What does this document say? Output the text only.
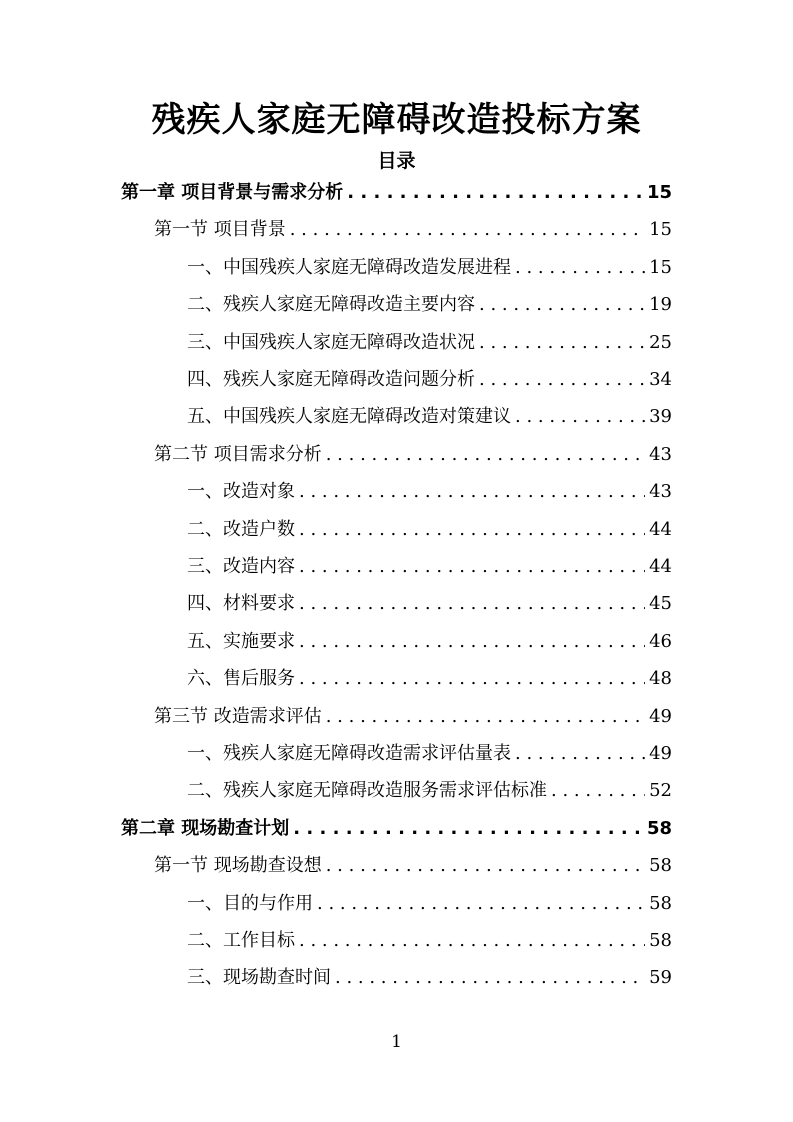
残疾人家庭无障碍改造投标方案
目录
第一章 项目背景与需求分析 . . .	15
第一节 项目背景 . . .	15
一、中国残疾人家庭无障碍改造发展进程 . . .	15
二、残疾人家庭无障碍改造主要内容 . . .	19
三、中国残疾人家庭无障碍改造状况 . . .	25
四、残疾人家庭无障碍改造问题分析 . . .	34
五、中国残疾人家庭无障碍改造对策建议 . . .	39
第二节 项目需求分析 . . .	43
一、改造对象 . . .	43
二、改造户数 . . .	44
三、改造内容 . . .	44
四、材料要求 . . .	45
五、实施要求 . . .	46
六、售后服务 . . .	48
第三节 改造需求评估 . . .	49
一、残疾人家庭无障碍改造需求评估量表 . . .	49
二、残疾人家庭无障碍改造服务需求评估标准 . . .	52
第二章 现场勘查计划 . . .	58
第一节 现场勘查设想 . . .	58
一、目的与作用 . . .	58
二、工作目标 . . .	58
三、现场勘查时间 . . .	59
1
